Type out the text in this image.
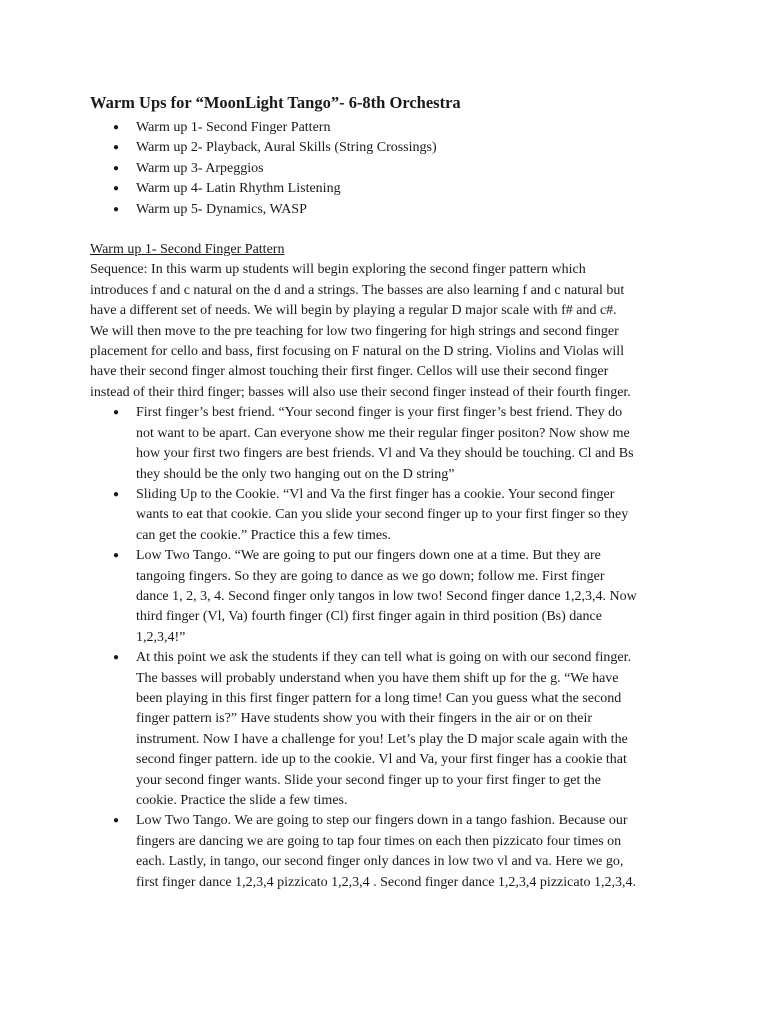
Warm Ups for “MoonLight Tango”- 6-8th Orchestra
● Warm up 1- Second Finger Pattern
● Warm up 2- Playback, Aural Skills (String Crossings)
● Warm up 3- Arpeggios
● Warm up 4- Latin Rhythm Listening
● Warm up 5- Dynamics, WASP
Warm up 1- Second Finger Pattern

Sequence: In this warm up students will begin exploring the second finger pattern which
introduces f and c natural on the d and a strings. The basses are also learning f and c natural but
have a different set of needs. We will begin by playing a regular D major scale with f# and c#.
We will then move to the pre teaching for low two fingering for high strings and second finger
placement for cello and bass, first focusing on F natural on the D string. Violins and Violas will
have their second finger almost touching their first finger. Cellos will use their second finger
instead of their third finger; basses will also use their second finger instead of their fourth finger.

● First finger’s best friend. “Your second finger is your first finger’s best friend. They do
not want to be apart. Can everyone show me their regular finger positon? Now show me
how your first two fingers are best friends. Vl and Va they should be touching. Cl and Bs
they should be the only two hanging out on the D string”
● Sliding Up to the Cookie. “Vl and Va the first finger has a cookie. Your second finger
wants to eat that cookie. Can you slide your second finger up to your first finger so they
can get the cookie.” Practice this a few times.
● Low Two Tango. “We are going to put our fingers down one at a time. But they are
tangoing fingers. So they are going to dance as we go down; follow me. First finger
dance 1, 2, 3, 4. Second finger only tangos in low two! Second finger dance 1,2,3,4. Now
third finger (Vl, Va) fourth finger (Cl) first finger again in third position (Bs) dance
1,2,3,4!”
● At this point we ask the students if they can tell what is going on with our second finger.
The basses will probably understand when you have them shift up for the g. “We have
been playing in this first finger pattern for a long time! Can you guess what the second
finger pattern is?” Have students show you with their fingers in the air or on their
instrument. Now I have a challenge for you! Let’s play the D major scale again with the
second finger pattern. ide up to the cookie. Vl and Va, your first finger has a cookie that
your second finger wants. Slide your second finger up to your first finger to get the
cookie. Practice the slide a few times.
● Low Two Tango. We are going to step our fingers down in a tango fashion. Because our
fingers are dancing we are going to tap four times on each then pizzicato four times on
each. Lastly, in tango, our second finger only dances in low two vl and va. Here we go,
first finger dance 1,2,3,4 pizzicato 1,2,3,4 . Second finger dance 1,2,3,4 pizzicato 1,2,3,4.
